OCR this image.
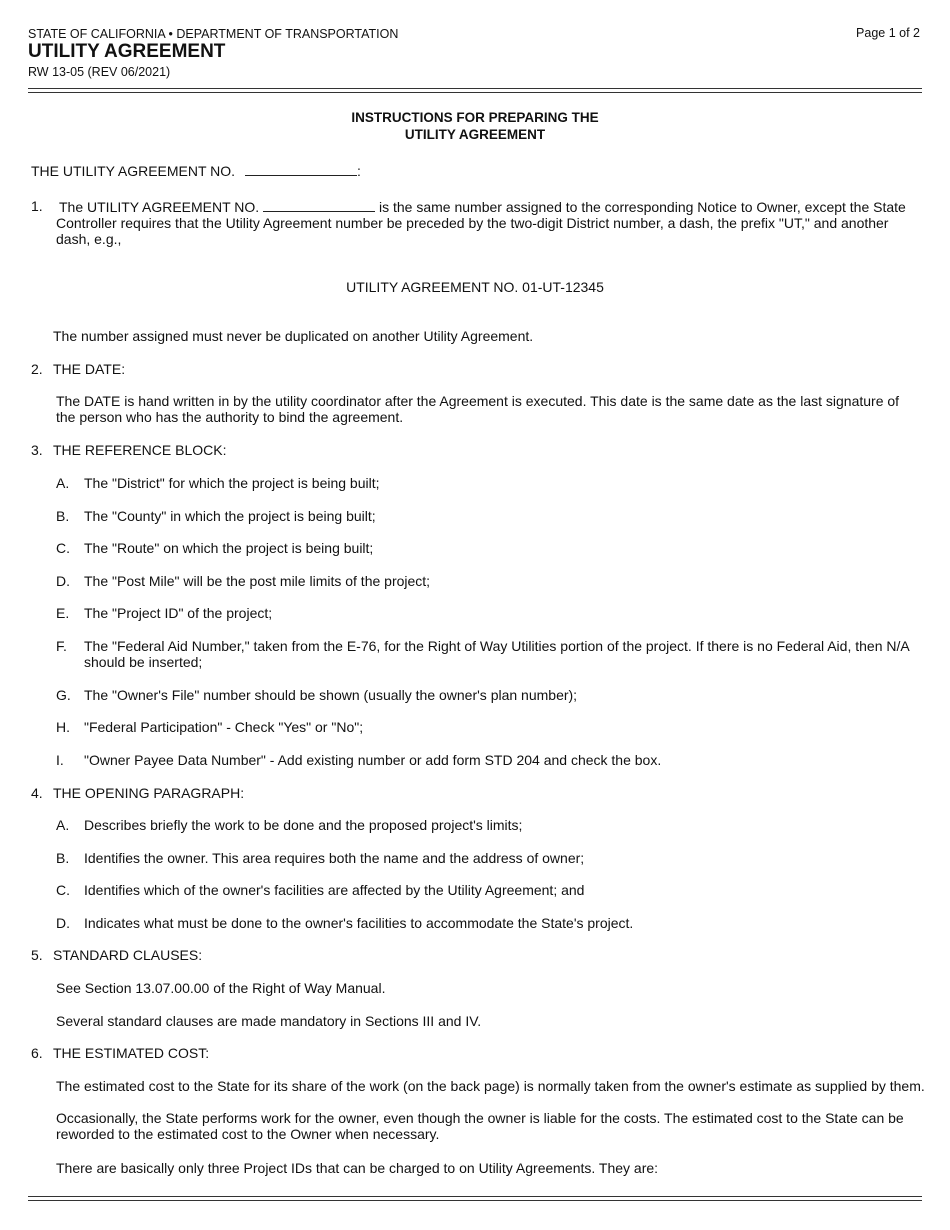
STATE OF CALIFORNIA • DEPARTMENT OF TRANSPORTATION
UTILITY AGREEMENT
RW 13-05 (REV 06/2021)
Page 1 of 2
INSTRUCTIONS FOR PREPARING THE
UTILITY AGREEMENT
THE UTILITY AGREEMENT NO.	:
1. The UTILITY AGREEMENT NO.	is the same number assigned to the corresponding Notice to Owner, except the State Controller requires that the Utility Agreement number be preceded by the two-digit District number, a dash, the prefix "UT," and another dash, e.g.,
UTILITY AGREEMENT NO. 01-UT-12345
The number assigned must never be duplicated on another Utility Agreement.
2. THE DATE:
The DATE is hand written in by the utility coordinator after the Agreement is executed. This date is the same date as the last signature of the person who has the authority to bind the agreement.
3. THE REFERENCE BLOCK:
A. The "District" for which the project is being built;
B. The "County" in which the project is being built;
C. The "Route" on which the project is being built;
D. The "Post Mile" will be the post mile limits of the project;
E. The "Project ID" of the project;
F. The "Federal Aid Number," taken from the E-76, for the Right of Way Utilities portion of the project. If there is no Federal Aid, then N/A should be inserted;
G. The "Owner's File" number should be shown (usually the owner's plan number);
H. "Federal Participation" - Check "Yes" or "No";
I. "Owner Payee Data Number" - Add existing number or add form STD 204 and check the box.
4. THE OPENING PARAGRAPH:
A. Describes briefly the work to be done and the proposed project's limits;
B. Identifies the owner. This area requires both the name and the address of owner;
C. Identifies which of the owner's facilities are affected by the Utility Agreement; and
D. Indicates what must be done to the owner's facilities to accommodate the State's project.
5. STANDARD CLAUSES:
See Section 13.07.00.00 of the Right of Way Manual.
Several standard clauses are made mandatory in Sections III and IV.
6. THE ESTIMATED COST:
The estimated cost to the State for its share of the work (on the back page) is normally taken from the owner's estimate as supplied by them.
Occasionally, the State performs work for the owner, even though the owner is liable for the costs. The estimated cost to the State can be reworded to the estimated cost to the Owner when necessary.
There are basically only three Project IDs that can be charged to on Utility Agreements. They are:
